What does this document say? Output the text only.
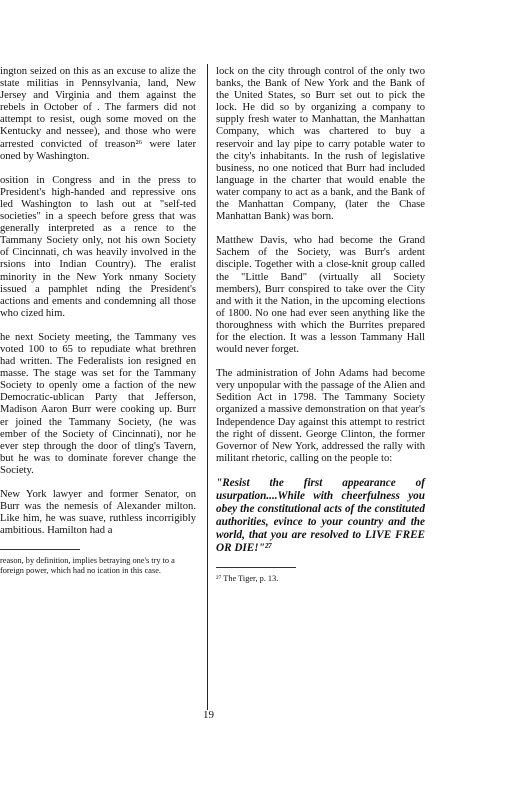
ington seized on this as an excuse to alize the state militias in Pennsylvania, land, New Jersey and Virginia and them against the rebels in October of . The farmers did not attempt to resist, ough some moved on the Kentucky and nessee), and those who were arrested convicted of treason²⁶ were later oned by Washington.

osition in Congress and in the press to President's high-handed and repressive ons led Washington to lash out at "self-ted societies" in a speech before gress that was generally interpreted as a rence to the Tammany Society only, not his own Society of Cincinnati, ch was heavily involved in the rsions into Indian Country). The eralist minority in the New York nmany Society issued a pamphlet nding the President's actions and ements and condemning all those who cized him.

he next Society meeting, the Tammany ves voted 100 to 65 to repudiate what brethren had written. The Federalists ion resigned en masse. The stage was set for the Tammany Society to openly ome a faction of the new Democratic-ublican Party that Jefferson, Madison Aaron Burr were cooking up. Burr er joined the Tammany Society, (he was ember of the Society of Cincinnati), nor he ever step through the door of tling's Tavern, but he was to dominate forever change the Society.

New York lawyer and former Senator, on Burr was the nemesis of Alexander milton. Like him, he was suave, ruthless incorrigibly ambitious. Hamilton had a

reason, by definition, implies betraying one's try to a foreign power, which had no ication in this case.

lock on the city through control of the only two banks, the Bank of New York and the Bank of the United States, so Burr set out to pick the lock. He did so by organizing a company to supply fresh water to Manhattan, the Manhattan Company, which was chartered to buy a reservoir and lay pipe to carry potable water to the city's inhabitants. In the rush of legislative business, no one noticed that Burr had included language in the charter that would enable the water company to act as a bank, and the Bank of the Manhattan Company, (later the Chase Manhattan Bank) was born.

Matthew Davis, who had become the Grand Sachem of the Society, was Burr's ardent disciple. Together with a close-knit group called the "Little Band" (virtually all Society members), Burr conspired to take over the City and with it the Nation, in the upcoming elections of 1800. No one had ever seen anything like the thoroughness with which the Burrites prepared for the election. It was a lesson Tammany Hall would never forget.

The administration of John Adams had become very unpopular with the passage of the Alien and Sedition Act in 1798. The Tammany Society organized a massive demonstration on that year's Independence Day against this attempt to restrict the right of dissent. George Clinton, the former Governor of New York, addressed the rally with militant rhetoric, calling on the people to:

"Resist the first appearance of usurpation....While with cheerfulness you obey the constitutional acts of the constituted authorities, evince to your country and the world, that you are resolved to LIVE FREE OR DIE!"²⁷

²⁷ The Tiger, p. 13.
19
